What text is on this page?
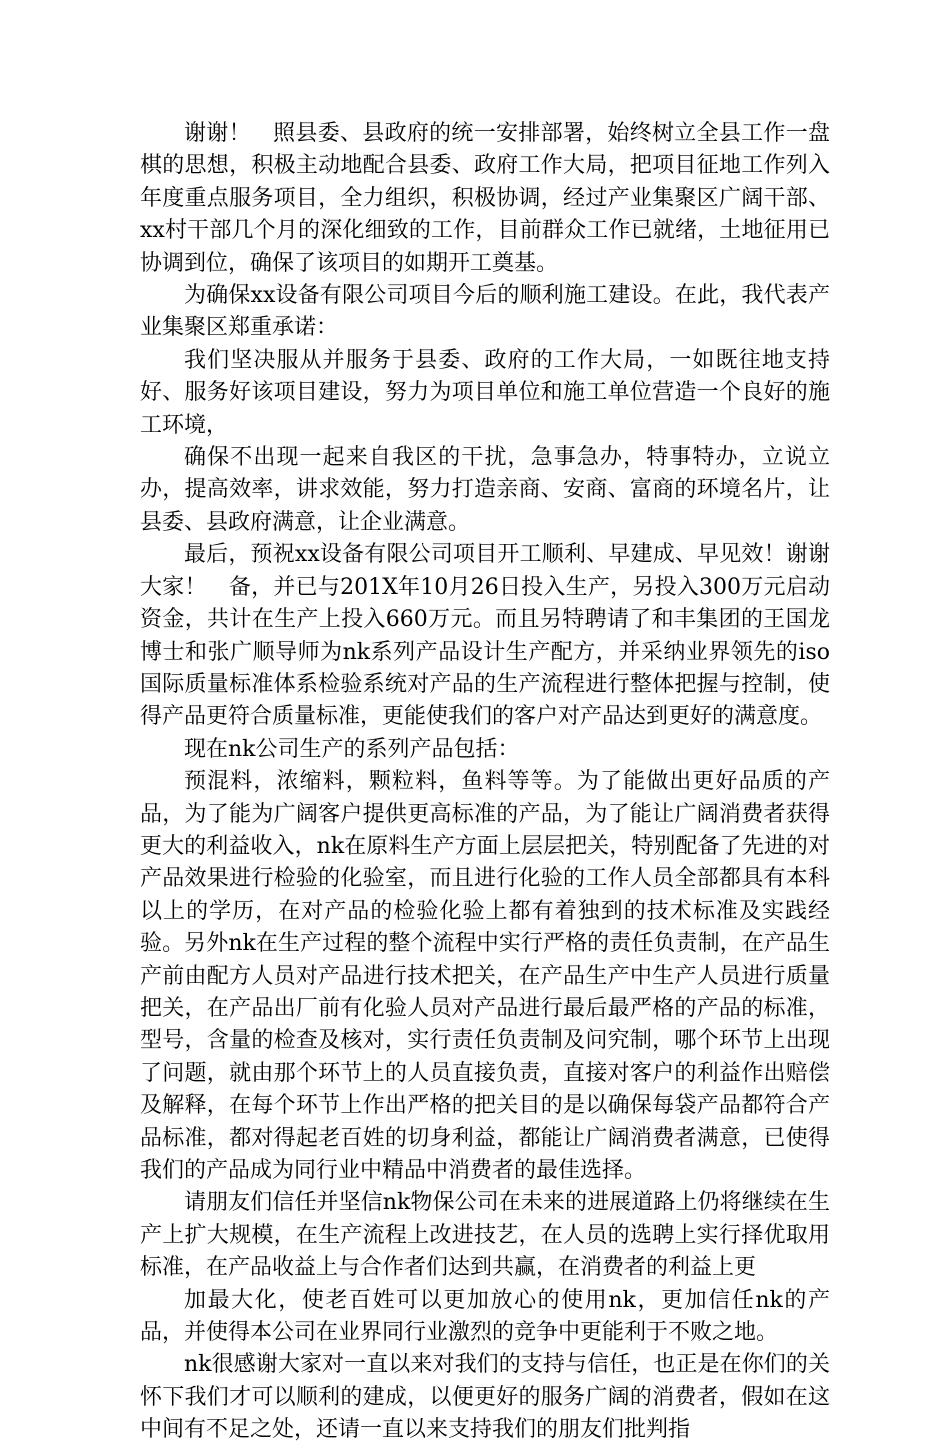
谢谢！　照县委、县政府的统一安排部署，始终树立全县工作一盘棋的思想，积极主动地配合县委、政府工作大局，把项目征地工作列入年度重点服务项目，全力组织，积极协调，经过产业集聚区广阔干部、xx村干部几个月的深化细致的工作，目前群众工作已就绪，土地征用已协调到位，确保了该项目的如期开工奠基。

为确保xx设备有限公司项目今后的顺利施工建设。在此，我代表产业集聚区郑重承诺：

我们坚决服从并服务于县委、政府的工作大局，一如既往地支持好、服务好该项目建设，努力为项目单位和施工单位营造一个良好的施工环境，

确保不出现一起来自我区的干扰，急事急办，特事特办，立说立办，提高效率，讲求效能，努力打造亲商、安商、富商的环境名片，让县委、县政府满意，让企业满意。

最后，预祝xx设备有限公司项目开工顺利、早建成、早见效！谢谢大家！　备，并已与201X年10月26日投入生产，另投入300万元启动资金，共计在生产上投入660万元。而且另特聘请了和丰集团的王国龙博士和张广顺导师为nk系列产品设计生产配方，并采纳业界领先的iso国际质量标准体系检验系统对产品的生产流程进行整体把握与控制，使得产品更符合质量标准，更能使我们的客户对产品达到更好的满意度。

现在nk公司生产的系列产品包括：

预混料，浓缩料，颗粒料，鱼料等等。为了能做出更好品质的产品，为了能为广阔客户提供更高标准的产品，为了能让广阔消费者获得更大的利益收入，nk在原料生产方面上层层把关，特别配备了先进的对产品效果进行检验的化验室，而且进行化验的工作人员全部都具有本科以上的学历，在对产品的检验化验上都有着独到的技术标准及实践经验。另外nk在生产过程的整个流程中实行严格的责任负责制，在产品生产前由配方人员对产品进行技术把关，在产品生产中生产人员进行质量把关，在产品出厂前有化验人员对产品进行最后最严格的产品的标准，型号，含量的检查及核对，实行责任负责制及问究制，哪个环节上出现了问题，就由那个环节上的人员直接负责，直接对客户的利益作出赔偿及解释，在每个环节上作出严格的把关目的是以确保每袋产品都符合产品标准，都对得起老百姓的切身利益，都能让广阔消费者满意，已使得我们的产品成为同行业中精品中消费者的最佳选择。

请朋友们信任并坚信nk物保公司在未来的进展道路上仍将继续在生产上扩大规模，在生产流程上改进技艺，在人员的选聘上实行择优取用标准，在产品收益上与合作者们达到共赢，在消费者的利益上更

加最大化，使老百姓可以更加放心的使用nk，更加信任nk的产品，并使得本公司在业界同行业激烈的竞争中更能利于不败之地。

nk很感谢大家对一直以来对我们的支持与信任，也正是在你们的关怀下我们才可以顺利的建成，以便更好的服务广阔的消费者，假如在这中间有不足之处，还请一直以来支持我们的朋友们批判指
